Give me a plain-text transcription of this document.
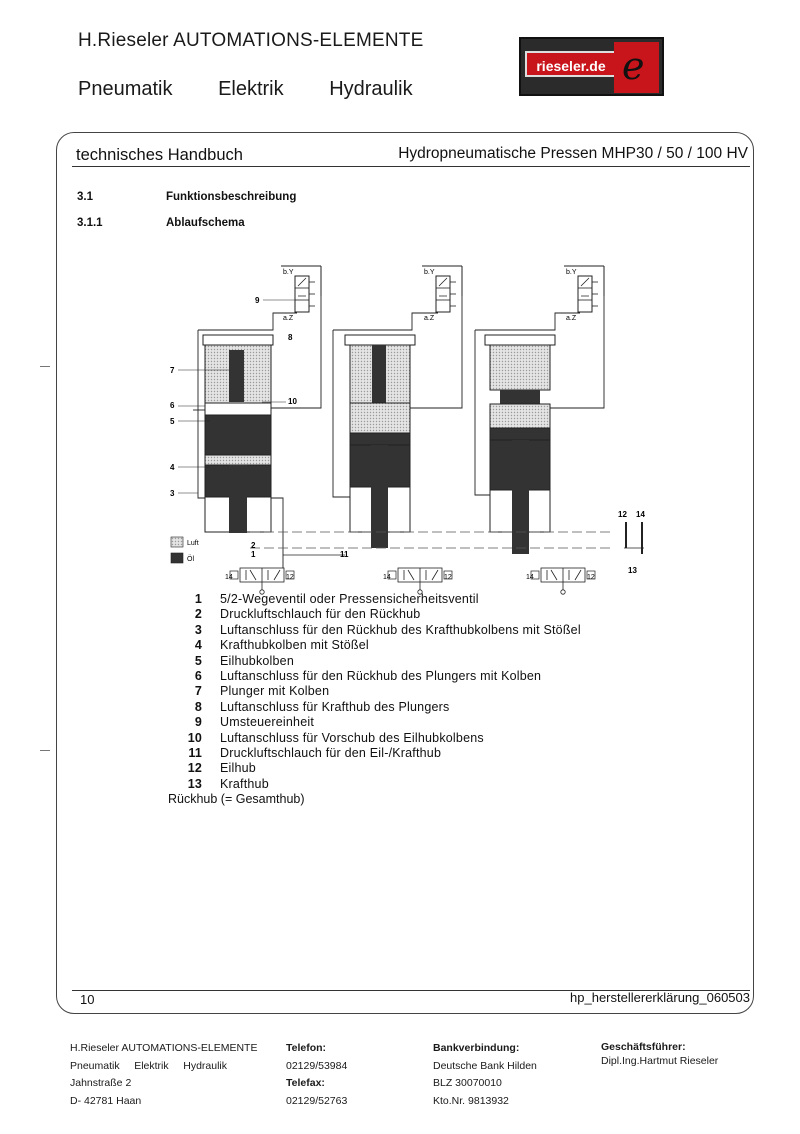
H.Rieseler AUTOMATIONS-ELEMENTE
Pneumatik Elektrik Hydraulik
rieseler.de e
technisches Handbuch	Hydropneumatische Pressen MHP30 / 50 / 100 HV
3.1	Funktionsbeschreibung
3.1.1	Ablaufschema
14	12	14	12	14	12
12 14
13
b.Y	b.Y	b.Y
a.Z	a.Z	a.Z
7
6
5
4
3
9
8
10
2
1	11
Luft
Öl
1 5/2-Wegeventil oder Pressensicherheitsventil
2 Druckluftschlauch für den Rückhub
3 Luftanschluss für den Rückhub des Krafthubkolbens mit Stößel
4 Krafthubkolben mit Stößel
5 Eilhubkolben
6 Luftanschluss für den Rückhub des Plungers mit Kolben
7 Plunger mit Kolben
8 Luftanschluss für Krafthub des Plungers
9 Umsteuereinheit
10 Luftanschluss für Vorschub des Eilhubkolbens
11 Druckluftschlauch für den Eil-/Krafthub
12 Eilhub
13 Krafthub
Rückhub (= Gesamthub)
10	hp_herstellererklärung_060503
H.Rieseler AUTOMATIONS-ELEMENTE
Pneumatik Elektrik Hydraulik
Jahnstraße 2
D- 42781 Haan
Telefon:
02129/53984
Telefax:
02129/52763
Bankverbindung:
Deutsche Bank Hilden
BLZ 30070010
Kto.Nr. 9813932
Geschäftsführer:
Dipl.Ing.Hartmut Rieseler
